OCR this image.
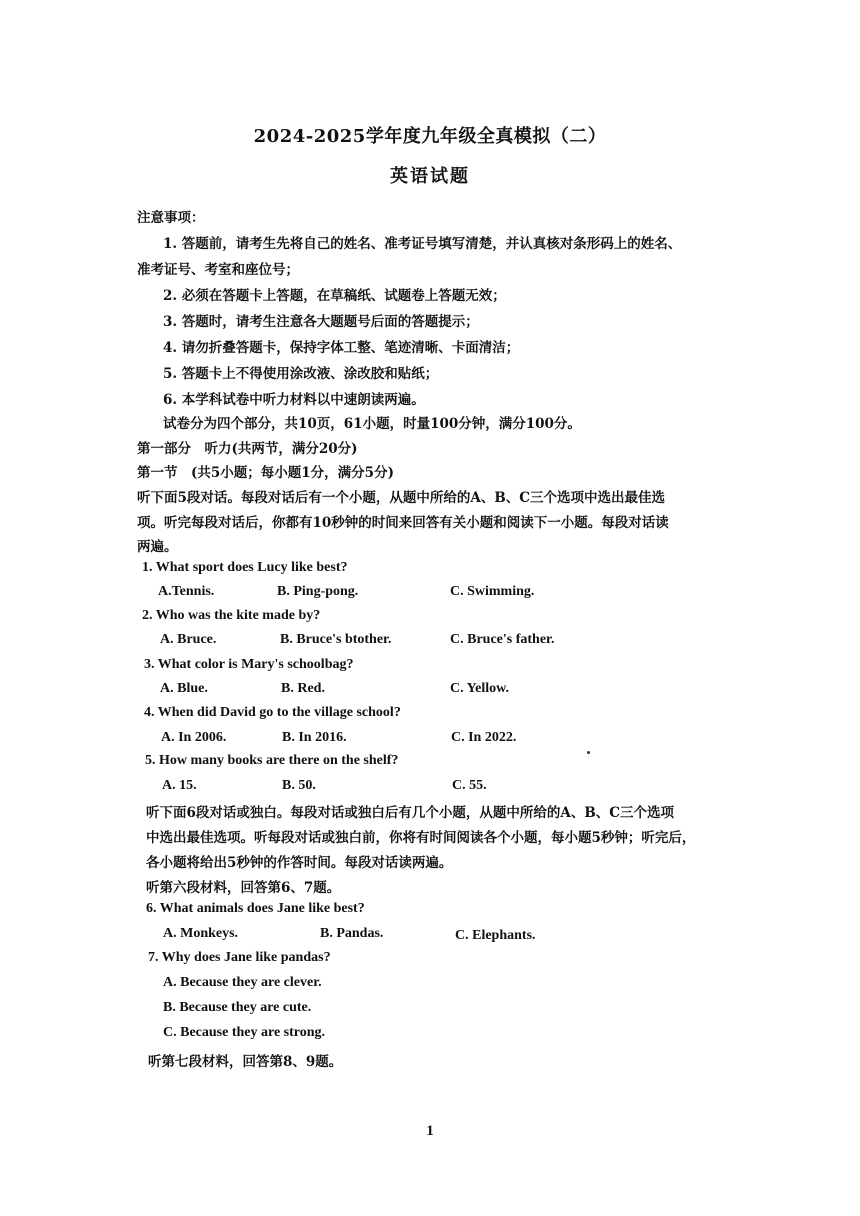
2024-2025学年度九年级全真模拟（二）
英语试题
注意事项：
1. 答题前，请考生先将自己的姓名、准考证号填写清楚，并认真核对条形码上的姓名、
准考证号、考室和座位号；
2. 必须在答题卡上答题，在草稿纸、试题卷上答题无效；
3. 答题时，请考生注意各大题题号后面的答题提示；
4. 请勿折叠答题卡，保持字体工整、笔迹清晰、卡面清洁；
5. 答题卡上不得使用涂改液、涂改胶和贴纸；
6. 本学科试卷中听力材料以中速朗读两遍。
试卷分为四个部分，共10页，61小题，时量100分钟，满分100分。
第一部分　听力(共两节，满分20分)
第一节　(共5小题；每小题1分，满分5分)
听下面5段对话。每段对话后有一个小题，从题中所给的A、B、C三个选项中选出最佳选
项。听完每段对话后，你都有10秒钟的时间来回答有关小题和阅读下一小题。每段对话读
两遍。
1. What sport does Lucy like best?
A.Tennis.	B. Ping-pong.	C. Swimming.
2. Who was the kite made by?
A. Bruce.	B. Bruce's btother.	C. Bruce's father.
3. What color is Mary's schoolbag?
A. Blue.	B. Red.	C. Yellow.
4. When did David go to the village school?
A. In 2006.	B. In 2016.	C. In 2022.
5. How many books are there on the shelf?
A. 15.	B. 50.	C. 55.
听下面6段对话或独白。每段对话或独白后有几个小题，从题中所给的A、B、C三个选项
中选出最佳选项。听每段对话或独白前，你将有时间阅读各个小题，每小题5秒钟；听完后，
各小题将给出5秒钟的作答时间。每段对话读两遍。
听第六段材料，回答第6、7题。
6. What animals does Jane like best?
A. Monkeys.	B. Pandas.	C. Elephants.
7. Why does Jane like pandas?
A. Because they are clever.
B. Because they are cute.
C. Because they are strong.
听第七段材料，回答第8、9题。
1
